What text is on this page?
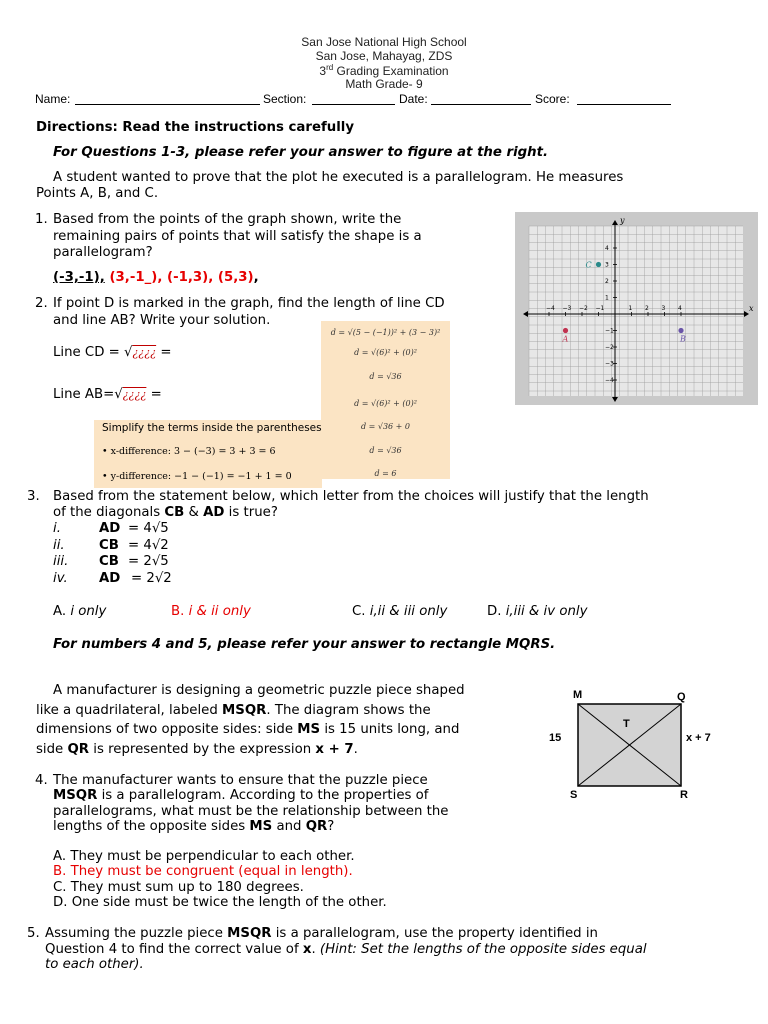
San Jose National High School
San Jose, Mahayag, ZDS
3rd Grading Examination
Math Grade- 9
Name:	Section:	Date:	Score:
Directions: Read the instructions carefully
For Questions 1-3, please refer your answer to figure at the right.
A student wanted to prove that the plot he executed is a parallelogram. He measures
Points A, B, and C.
1. Based from the points of the graph shown, write the
remaining pairs of points that will satisfy the shape is a
parallelogram?
(-3,-1), (3,-1_), (-1,3), (5,3),
y
x
−4 −3 −2 −1	1 2 3 4
4
3
2
1
−1
−2
−3
−4
A	B
C
2. If point D is marked in the graph, find the length of line CD
and line AB? Write your solution.
Line CD = √¿¿¿¿ =
Line AB=√¿¿¿¿ =
d = √(5 − (−1))² + (3 − 3)²
d = √(6)² + (0)²
d = √36
d = √(6)² + (0)²
d = √36 + 0
d = √36
d = 6
Simplify the terms inside the parentheses
• x-difference: 3 − (−3) = 3 + 3 = 6
• y-difference: −1 − (−1) = −1 + 1 = 0
3. Based from the statement below, which letter from the choices will justify that the length
of the diagonals CB & AD is true?
i.	AD = 4√5
ii.	CB = 4√2
iii. CB = 2√5
iv. AD = 2√2
A. i only	B. i & ii only	C. i,ii & iii only	D. i,iii & iv only
For numbers 4 and 5, please refer your answer to rectangle MQRS.
A manufacturer is designing a geometric puzzle piece shaped
like a quadrilateral, labeled MSQR. The diagram shows the
dimensions of two opposite sides: side MS is 15 units long, and
side QR is represented by the expression x + 7.
M	Q
S	R
T
15	x + 7
4. The manufacturer wants to ensure that the puzzle piece
MSQR is a parallelogram. According to the properties of
parallelograms, what must be the relationship between the
lengths of the opposite sides MS and QR?
A. They must be perpendicular to each other.
B. They must be congruent (equal in length).
C. They must sum up to 180 degrees.
D. One side must be twice the length of the other.
5. Assuming the puzzle piece MSQR is a parallelogram, use the property identified in
Question 4 to find the correct value of x. (Hint: Set the lengths of the opposite sides equal
to each other).
